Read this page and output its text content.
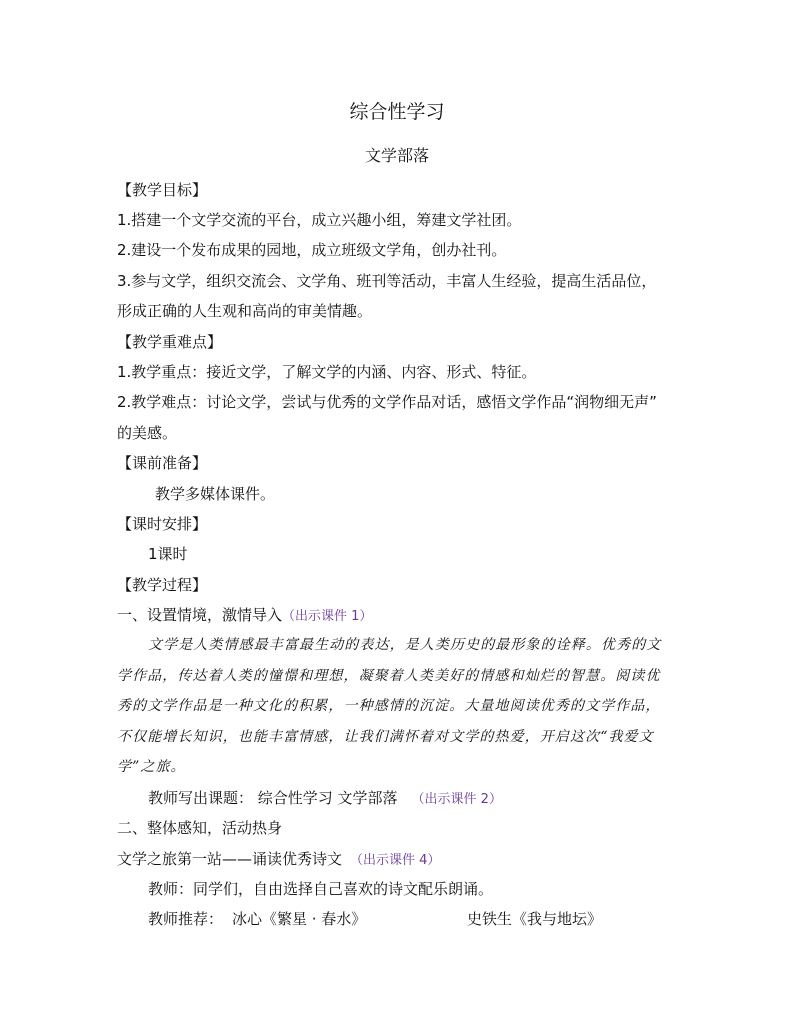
综合性学习
文学部落
【教学目标】
1.搭建一个文学交流的平台，成立兴趣小组，筹建文学社团。
2.建设一个发布成果的园地，成立班级文学角，创办社刊。
3.参与文学，组织交流会、文学角、班刊等活动，丰富人生经验，提高生活品位，
形成正确的人生观和高尚的审美情趣。
【教学重难点】
1.教学重点：接近文学，了解文学的内涵、内容、形式、特征。
2.教学难点：讨论文学，尝试与优秀的文学作品对话，感悟文学作品“润物细无声”
的美感。
【课前准备】
教学多媒体课件。
【课时安排】
1课时
【教学过程】
一、设置情境，激情导入（出示课件 1）
文学是人类情感最丰富最生动的表达，是人类历史的最形象的诠释。优秀的文
学作品，传达着人类的憧憬和理想，凝聚着人类美好的情感和灿烂的智慧。阅读优
秀的文学作品是一种文化的积累，一种感情的沉淀。大量地阅读优秀的文学作品，
不仅能增长知识，也能丰富情感，让我们满怀着对文学的热爱，开启这次“我爱文
学”之旅。
教师写出课题： 综合性学习 文学部落 （出示课件 2）
二、整体感知，活动热身
文学之旅第一站——诵读优秀诗文 （出示课件 4）
教师：同学们，自由选择自己喜欢的诗文配乐朗诵。
教师推荐： 冰心《繁星 · 春水》	史铁生《我与地坛》
